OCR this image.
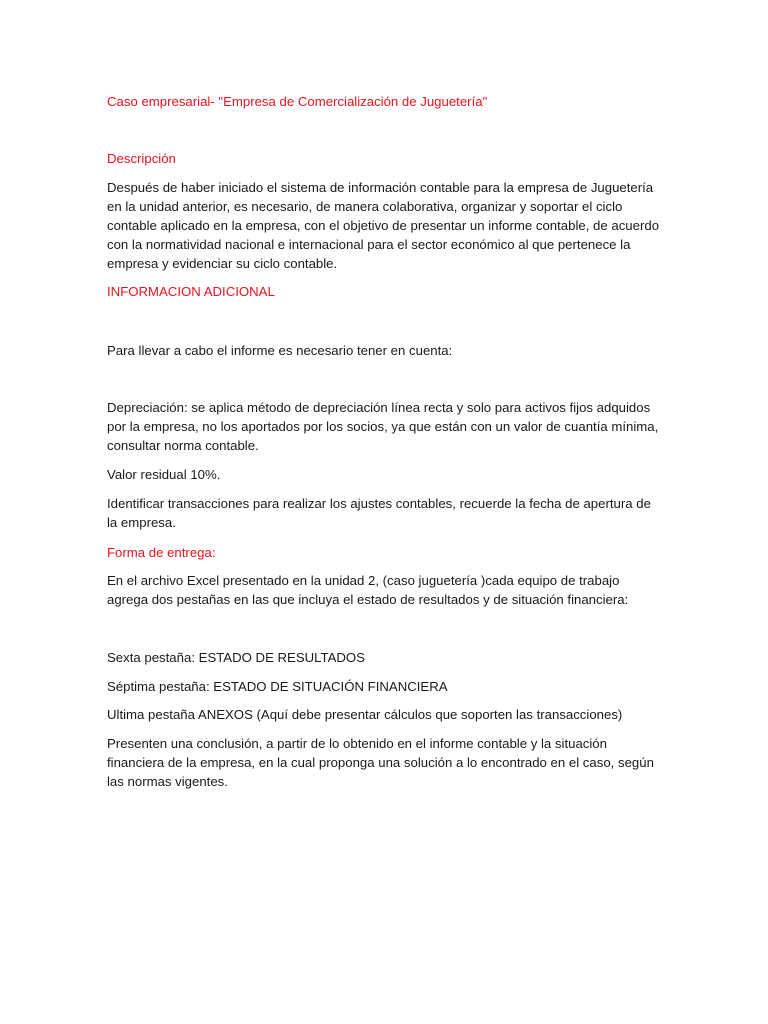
Caso empresarial- "Empresa de Comercialización de Juguetería"

Descripción

Después de haber iniciado el sistema de información contable para la empresa de Juguetería en la unidad anterior, es necesario, de manera colaborativa, organizar y soportar el ciclo contable aplicado en la empresa, con el objetivo de presentar un informe contable, de acuerdo con la normatividad nacional e internacional para el sector económico al que pertenece la empresa y evidenciar su ciclo contable.

INFORMACION ADICIONAL

Para llevar a cabo el informe es necesario tener en cuenta:

Depreciación: se aplica método de depreciación línea recta y solo para activos fijos adquidos por la empresa, no los aportados por los socios, ya que están con un valor de cuantía mínima, consultar norma contable.

Valor residual 10%.

Identificar transacciones para realizar los ajustes contables, recuerde la fecha de apertura de la empresa.

Forma de entrega:

En el archivo Excel presentado en la unidad 2, (caso juguetería )cada equipo de trabajo agrega dos pestañas en las que incluya el estado de resultados y de situación financiera:

Sexta pestaña: ESTADO DE RESULTADOS

Séptima pestaña: ESTADO DE SITUACIÓN FINANCIERA

Ultima pestaña ANEXOS (Aquí debe presentar cálculos que soporten las transacciones)

Presenten una conclusión, a partir de lo obtenido en el informe contable y la situación financiera de la empresa, en la cual proponga una solución a lo encontrado en el caso, según las normas vigentes.
